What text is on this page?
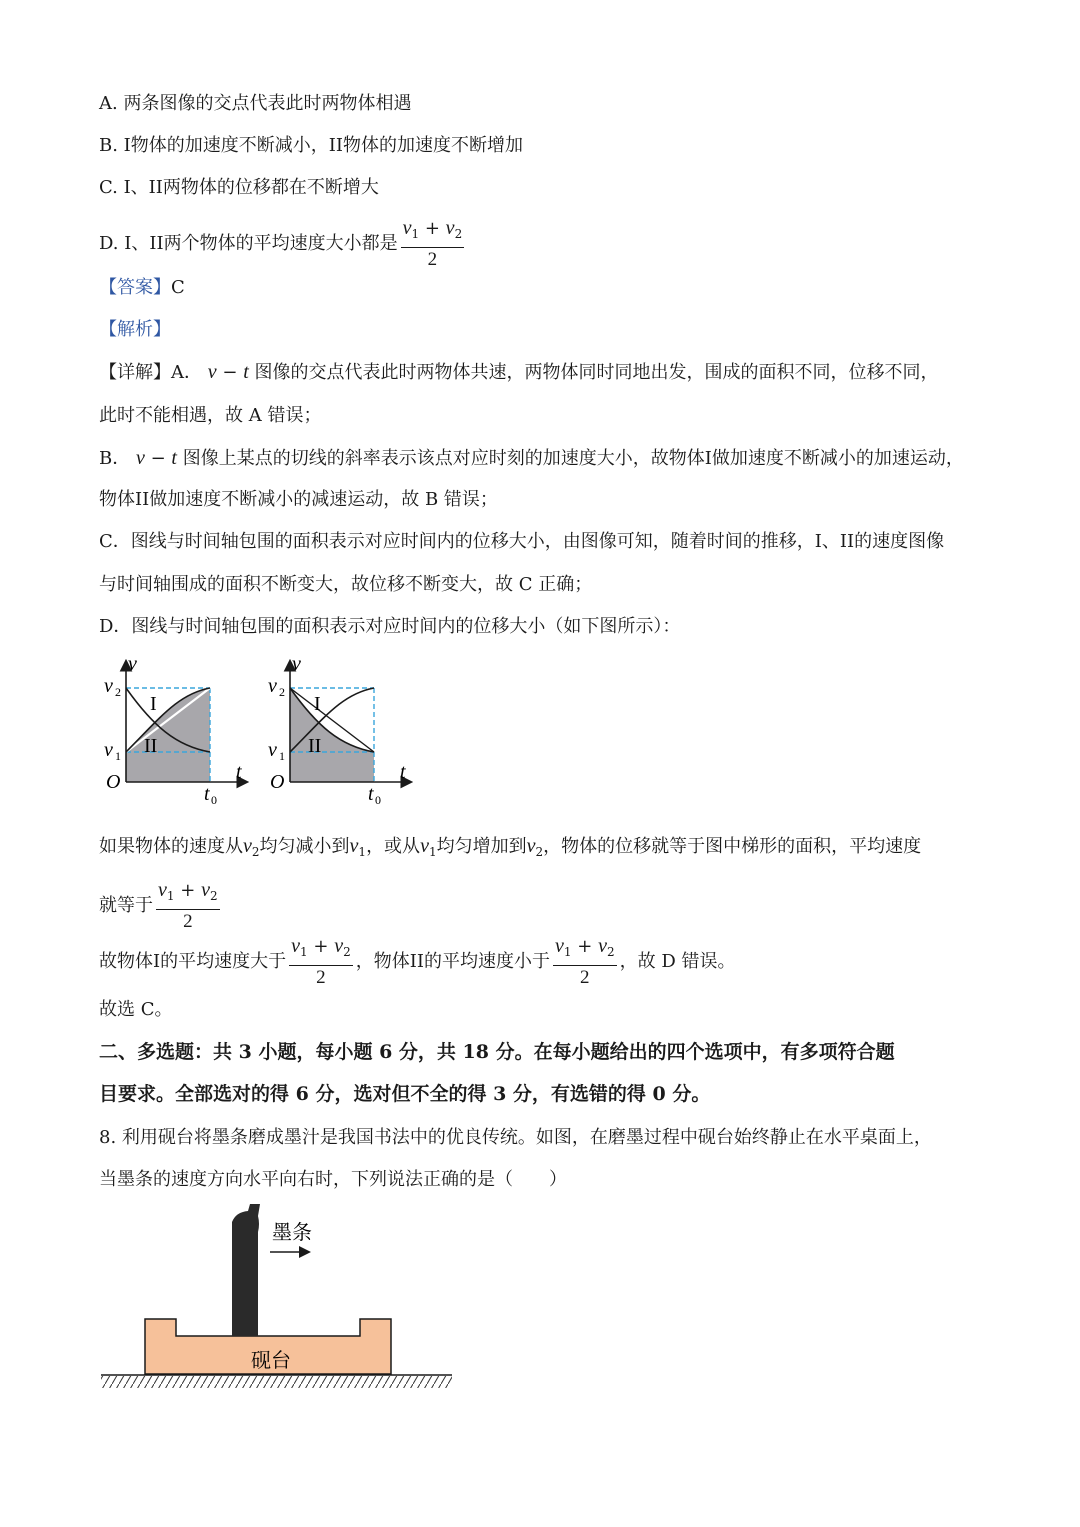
A. 两条图像的交点代表此时两物体相遇
B. I物体的加速度不断减小，II物体的加速度不断增加
C. I、II两物体的位移都在不断增大
D. I、II两个物体的平均速度大小都是 $\frac{v_1 + v_2}{2}$
【答案】C
【解析】
【详解】A． v − t 图像的交点代表此时两物体共速，两物体同时同地出发，围成的面积不同，位移不同，
此时不能相遇，故 A 错误；
B． v − t 图像上某点的切线的斜率表示该点对应时刻的加速度大小，故物体I做加速度不断减小的加速运动，
物体II做加速度不断减小的减速运动，故 B 错误；
C．图线与时间轴包围的面积表示对应时间内的位移大小，由图像可知，随着时间的推移，I、II的速度图像
与时间轴围成的面积不断变大，故位移不断变大，故 C 正确；
D．图线与时间轴包围的面积表示对应时间内的位移大小（如下图所示）：
v
t
v 2
v 1
O
t 0
I
II
v
t
v 2
v 1
O
t 0
I
II
如果物体的速度从$v_2$均匀减小到$v_1$，或从$v_1$均匀增加到$v_2$，物体的位移就等于图中梯形的面积，平均速度
就等于 $\frac{v_1 + v_2}{2}$
故物体I的平均速度大于 $\frac{v_1 + v_2}{2}$ ，物体II的平均速度小于 $\frac{v_1 + v_2}{2}$ ，故 D 错误。
故选 C。
二、多选题：共 3 小题，每小题 6 分，共 18 分。在每小题给出的四个选项中，有多项符合题
目要求。全部选对的得 6 分，选对但不全的得 3 分，有选错的得 0 分。
8. 利用砚台将墨条磨成墨汁是我国书法中的优良传统。如图，在磨墨过程中砚台始终静止在水平桌面上，
当墨条的速度方向水平向右时，下列说法正确的是（　　）
墨条
砚台
